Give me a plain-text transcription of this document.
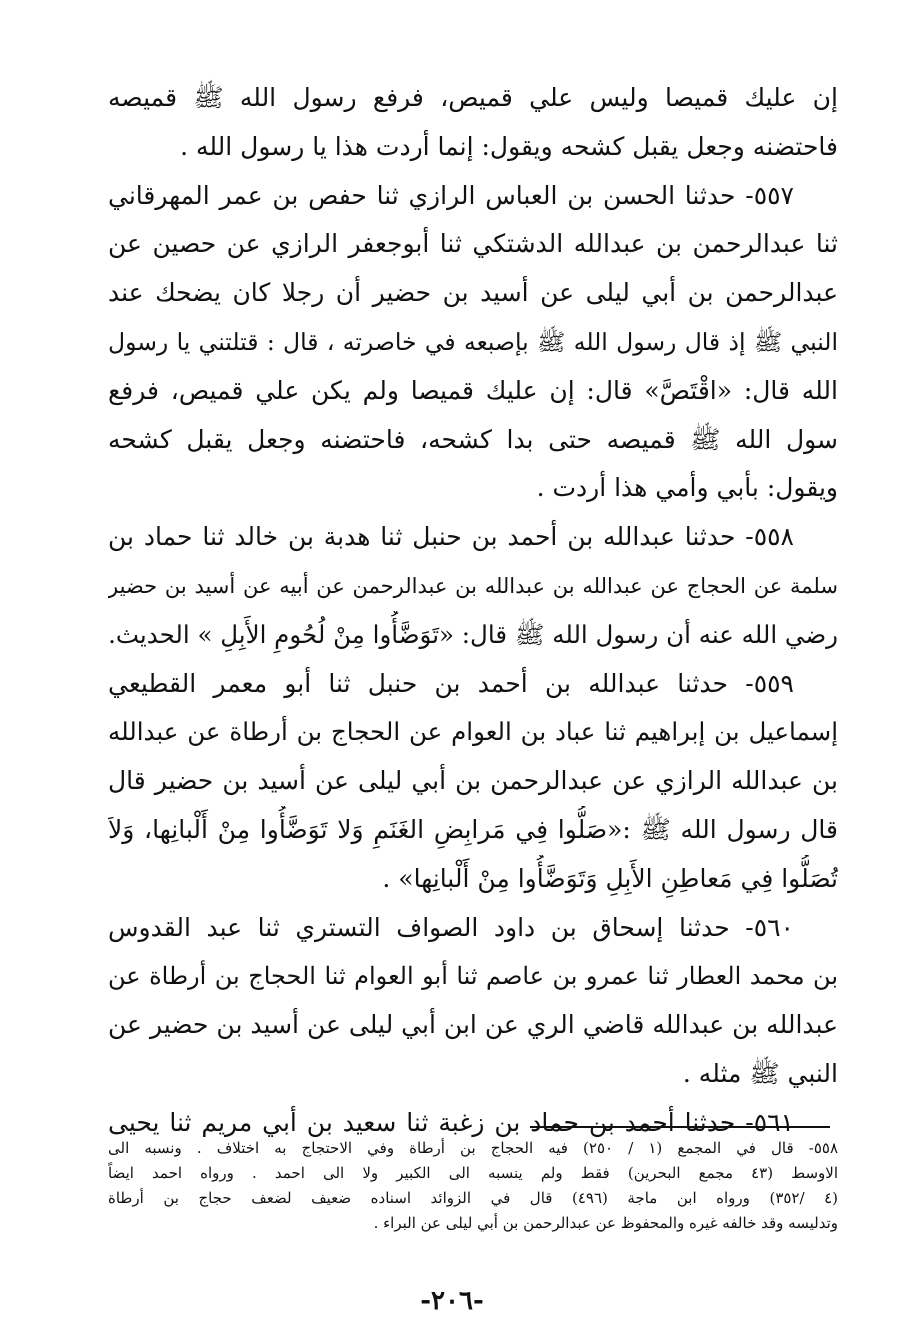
إن عليك قميصا وليس علي قميص، فرفع رسول الله ﷺ قميصه
فاحتضنه وجعل يقبل كشحه ويقول: إنما أردت هذا يا رسول الله .
٥٥٧- حدثنا الحسن بن العباس الرازي ثنا حفص بن عمر المهرقاني
ثنا عبدالرحمن بن عبدالله الدشتكي ثنا أبوجعفر الرازي عن حصين عن
عبدالرحمن بن أبي ليلى عن أسيد بن حضير أن رجلا كان يضحك عند
النبي ﷺ إذ قال رسول الله ﷺ بإصبعه في خاصرته ، قال : قتلتني يا رسول
الله قال: «اقْتَصَّ» قال: إن عليك قميصا ولم يكن علي قميص، فرفع
سول الله ﷺ قميصه حتى بدا كشحه، فاحتضنه وجعل يقبل كشحه
ويقول: بأبي وأمي هذا أردت .
٥٥٨- حدثنا عبدالله بن أحمد بن حنبل ثنا هدبة بن خالد ثنا حماد بن
سلمة عن الحجاج عن عبدالله بن عبدالله بن عبدالرحمن عن أبيه عن أسيد بن حضير
رضي الله عنه أن رسول الله ﷺ قال: «تَوَضَّأُوا مِنْ لُحُومِ الأَبِلِ » الحديث.
٥٥٩- حدثنا عبدالله بن أحمد بن حنبل ثنا أبو معمر القطيعي
إسماعيل بن إبراهيم ثنا عباد بن العوام عن الحجاج بن أرطاة عن عبدالله
بن عبدالله الرازي عن عبدالرحمن بن أبي ليلى عن أسيد بن حضير قال
قال رسول الله ﷺ :«صَلُّوا فِي مَرابِضِ الغَنَمِ وَلا تَوَضَّأُوا مِنْ أَلْبانِها، وَلاَ
تُصَلُّوا فِي مَعاطِنِ الأَبِلِ وَتَوَضَّأُوا مِنْ أَلْبانِها» .
٥٦٠- حدثنا إسحاق بن داود الصواف التستري ثنا عبد القدوس
بن محمد العطار ثنا عمرو بن عاصم ثنا أبو العوام ثنا الحجاج بن أرطاة عن
عبدالله بن عبدالله قاضي الري عن ابن أبي ليلى عن أسيد بن حضير عن
النبي ﷺ مثله .
٥٦١- حدثنا أحمد بن حماد بن زغبة ثنا سعيد بن أبي مريم ثنا يحيى
٥٥٨- قال في المجمع (١ / ٢٥٠) فيه الحجاج بن أرطاة وفي الاحتجاج به اختلاف . ونسبه الى
الاوسط (٤٣ مجمع البحرين) فقط ولم ينسبه الى الكبير ولا الى احمد . ورواه احمد ايضاً
(٤ /٣٥٢) ورواه ابن ماجة (٤٩٦) قال في الزوائد اسناده ضعيف لضعف حجاج بن أرطاة
وتدليسه وقد خالفه غيره والمحفوظ عن عبدالرحمن بن أبي ليلى عن البراء .
-٢٠٦-
